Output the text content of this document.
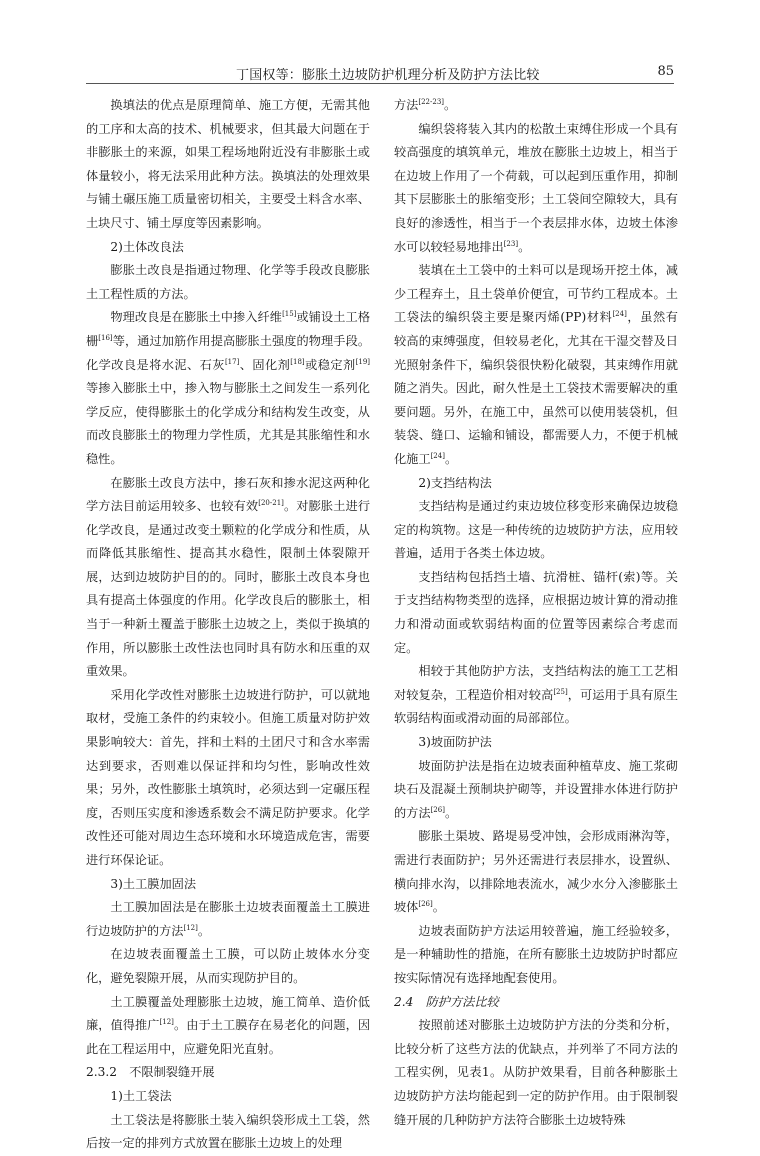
丁国权等：膨胀土边坡防护机理分析及防护方法比较	85

换填法的优点是原理简单、施工方便，无需其他的工序和太高的技术、机械要求，但其最大问题在于非膨胀土的来源，如果工程场地附近没有非膨胀土或体量较小，将无法采用此种方法。换填法的处理效果与铺土碾压施工质量密切相关，主要受土料含水率、土块尺寸、铺土厚度等因素影响。

2)土体改良法

膨胀土改良是指通过物理、化学等手段改良膨胀土工程性质的方法。

物理改良是在膨胀土中掺入纤维[15]或铺设土工格栅[16]等，通过加筋作用提高膨胀土强度的物理手段。化学改良是将水泥、石灰[17]、固化剂[18]或稳定剂[19]等掺入膨胀土中，掺入物与膨胀土之间发生一系列化学反应，使得膨胀土的化学成分和结构发生改变，从而改良膨胀土的物理力学性质，尤其是其胀缩性和水稳性。

在膨胀土改良方法中，掺石灰和掺水泥这两种化学方法目前运用较多、也较有效[20-21]。对膨胀土进行化学改良，是通过改变土颗粒的化学成分和性质，从而降低其胀缩性、提高其水稳性，限制土体裂隙开展，达到边坡防护目的的。同时，膨胀土改良本身也具有提高土体强度的作用。化学改良后的膨胀土，相当于一种新土覆盖于膨胀土边坡之上，类似于换填的作用，所以膨胀土改性法也同时具有防水和压重的双重效果。

采用化学改性对膨胀土边坡进行防护，可以就地取材，受施工条件的约束较小。但施工质量对防护效果影响较大：首先，拌和土料的土团尺寸和含水率需达到要求，否则难以保证拌和均匀性，影响改性效果；另外，改性膨胀土填筑时，必须达到一定碾压程度，否则压实度和渗透系数会不满足防护要求。化学改性还可能对周边生态环境和水环境造成危害，需要进行环保论证。

3)土工膜加固法

土工膜加固法是在膨胀土边坡表面覆盖土工膜进行边坡防护的方法[12]。

在边坡表面覆盖土工膜，可以防止坡体水分变化，避免裂隙开展，从而实现防护目的。

土工膜覆盖处理膨胀土边坡，施工简单、造价低廉，值得推广[12]。由于土工膜存在易老化的问题，因此在工程运用中，应避免阳光直射。

2.3.2　不限制裂缝开展

1)土工袋法

土工袋法是将膨胀土装入编织袋形成土工袋，然后按一定的排列方式放置在膨胀土边坡上的处理

方法[22-23]。

编织袋将装入其内的松散土束缚住形成一个具有较高强度的填筑单元，堆放在膨胀土边坡上，相当于在边坡上作用了一个荷载，可以起到压重作用，抑制其下层膨胀土的胀缩变形；土工袋间空隙较大，具有良好的渗透性，相当于一个表层排水体，边坡土体渗水可以较轻易地排出[23]。

装填在土工袋中的土料可以是现场开挖土体，减少工程弃土，且土袋单价便宜，可节约工程成本。土工袋法的编织袋主要是聚丙烯(PP)材料[24]，虽然有较高的束缚强度，但较易老化，尤其在干湿交替及日光照射条件下，编织袋很快粉化破裂，其束缚作用就随之消失。因此，耐久性是土工袋技术需要解决的重要问题。另外，在施工中，虽然可以使用装袋机，但装袋、缝口、运输和铺设，都需要人力，不便于机械化施工[24]。

2)支挡结构法

支挡结构是通过约束边坡位移变形来确保边坡稳定的构筑物。这是一种传统的边坡防护方法，应用较普遍，适用于各类土体边坡。

支挡结构包括挡土墙、抗滑桩、锚杆(索)等。关于支挡结构物类型的选择，应根据边坡计算的滑动推力和滑动面或软弱结构面的位置等因素综合考虑而定。

相较于其他防护方法，支挡结构法的施工工艺相对较复杂，工程造价相对较高[25]，可运用于具有原生软弱结构面或滑动面的局部部位。

3)坡面防护法

坡面防护法是指在边坡表面种植草皮、施工浆砌块石及混凝土预制块护砌等，并设置排水体进行防护的方法[26]。

膨胀土渠坡、路堤易受冲蚀，会形成雨淋沟等，需进行表面防护；另外还需进行表层排水，设置纵、横向排水沟，以排除地表流水，减少水分入渗膨胀土坡体[26]。

边坡表面防护方法运用较普遍，施工经验较多，是一种辅助性的措施，在所有膨胀土边坡防护时都应按实际情况有选择地配套使用。

2.4　防护方法比较

按照前述对膨胀土边坡防护方法的分类和分析，比较分析了这些方法的优缺点，并列举了不同方法的工程实例，见表1。从防护效果看，目前各种膨胀土边坡防护方法均能起到一定的防护作用。由于限制裂缝开展的几种防护方法符合膨胀土边坡特殊
